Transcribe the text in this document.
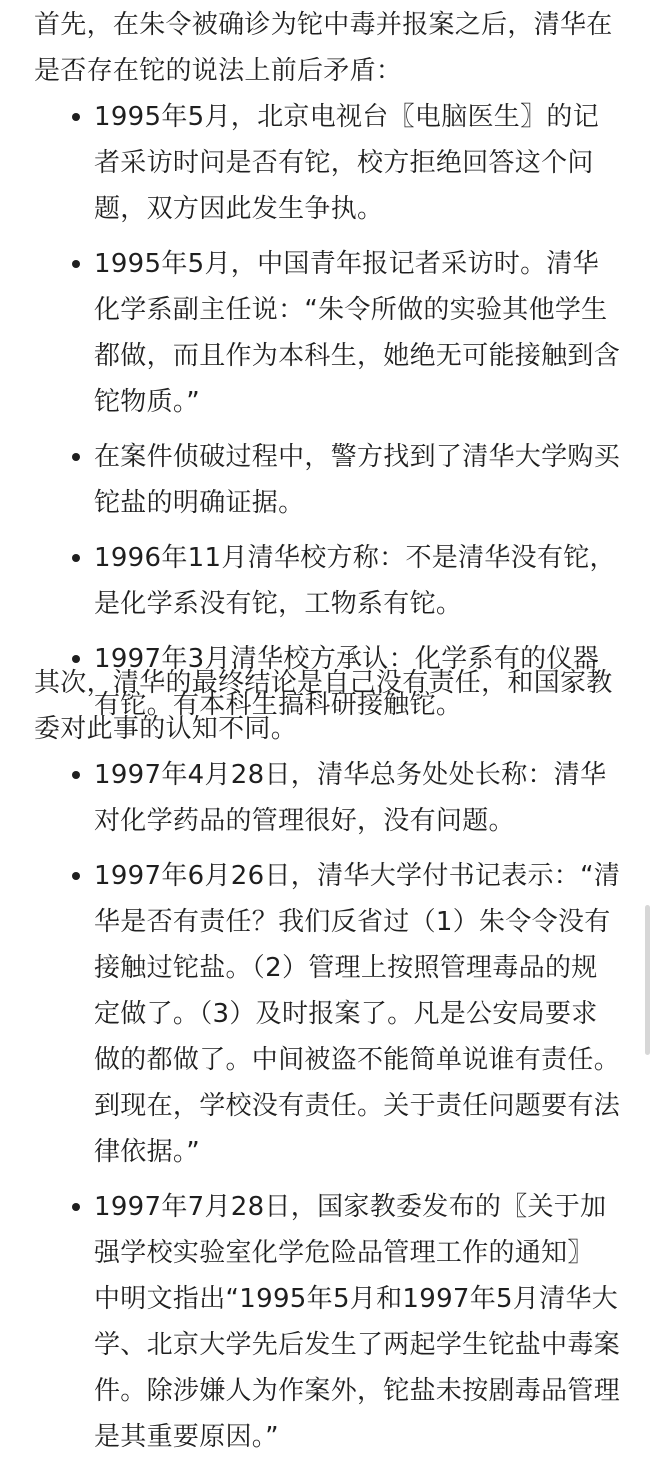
首先，在朱令被确诊为铊中毒并报案之后，清华在是否存在铊的说法上前后矛盾：

1995年5月，北京电视台〖电脑医生〗的记者采访时问是否有铊，校方拒绝回答这个问题，双方因此发生争执。
1995年5月，中国青年报记者采访时。清华化学系副主任说：“朱令所做的实验其他学生都做，而且作为本科生，她绝无可能接触到含铊物质。”
在案件侦破过程中，警方找到了清华大学购买铊盐的明确证据。
1996年11月清华校方称：不是清华没有铊，是化学系没有铊，工物系有铊。
1997年3月清华校方承认：化学系有的仪器有铊。有本科生搞科研接触铊。

其次，清华的最终结论是自己没有责任，和国家教委对此事的认知不同。

1997年4月28日，清华总务处处长称：清华对化学药品的管理很好，没有问题。
1997年6月26日，清华大学付书记表示：“清华是否有责任？我们反省过（1）朱令令没有接触过铊盐。（2）管理上按照管理毒品的规定做了。（3）及时报案了。凡是公安局要求做的都做了。中间被盗不能简单说谁有责任。到现在，学校没有责任。关于责任问题要有法律依据。”
1997年7月28日，国家教委发布的〖关于加强学校实验室化学危险品管理工作的通知〗 中明文指出“1995年5月和1997年5月清华大学、北京大学先后发生了两起学生铊盐中毒案件。除涉嫌人为作案外，铊盐未按剧毒品管理是其重要原因。”
